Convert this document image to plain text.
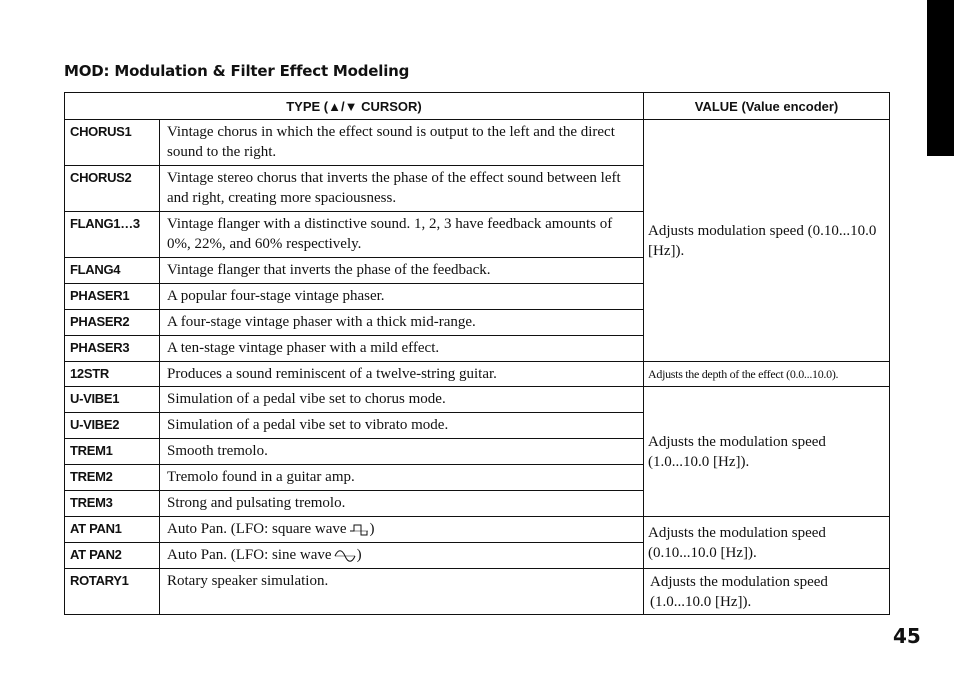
MOD: Modulation & Filter Effect Modeling
TYPE (▲/▼ CURSOR)		VALUE (Value encoder)
CHORUS1	Vintage chorus in which the effect sound is output to the left and the direct sound to the right.	Adjusts modulation speed (0.10...10.0 [Hz]).
CHORUS2	Vintage stereo chorus that inverts the phase of the effect sound between left and right, creating more spaciousness.	
FLANG1…3	Vintage flanger with a distinctive sound. 1, 2, 3 have feedback amounts of 0%, 22%, and 60% respectively.	
FLANG4	Vintage flanger that inverts the phase of the feedback.	
PHASER1	A popular four-stage vintage phaser.	
PHASER2	A four-stage vintage phaser with a thick mid-range.	
PHASER3	A ten-stage vintage phaser with a mild effect.	
12STR	Produces a sound reminiscent of a twelve-string guitar.	Adjusts the depth of the effect (0.0...10.0).
U-VIBE1	Simulation of a pedal vibe set to chorus mode.	Adjusts the modulation speed (1.0...10.0 [Hz]).
U-VIBE2	Simulation of a pedal vibe set to vibrato mode.	
TREM1	Smooth tremolo.	
TREM2	Tremolo found in a guitar amp.	
TREM3	Strong and pulsating tremolo.	
AT PAN1	Auto Pan. (LFO: square wave )	Adjusts the modulation speed (0.10...10.0 [Hz]).
AT PAN2	Auto Pan. (LFO: sine wave )	
ROTARY1	Rotary speaker simulation.	Adjusts the modulation speed (1.0...10.0 [Hz]).
45
